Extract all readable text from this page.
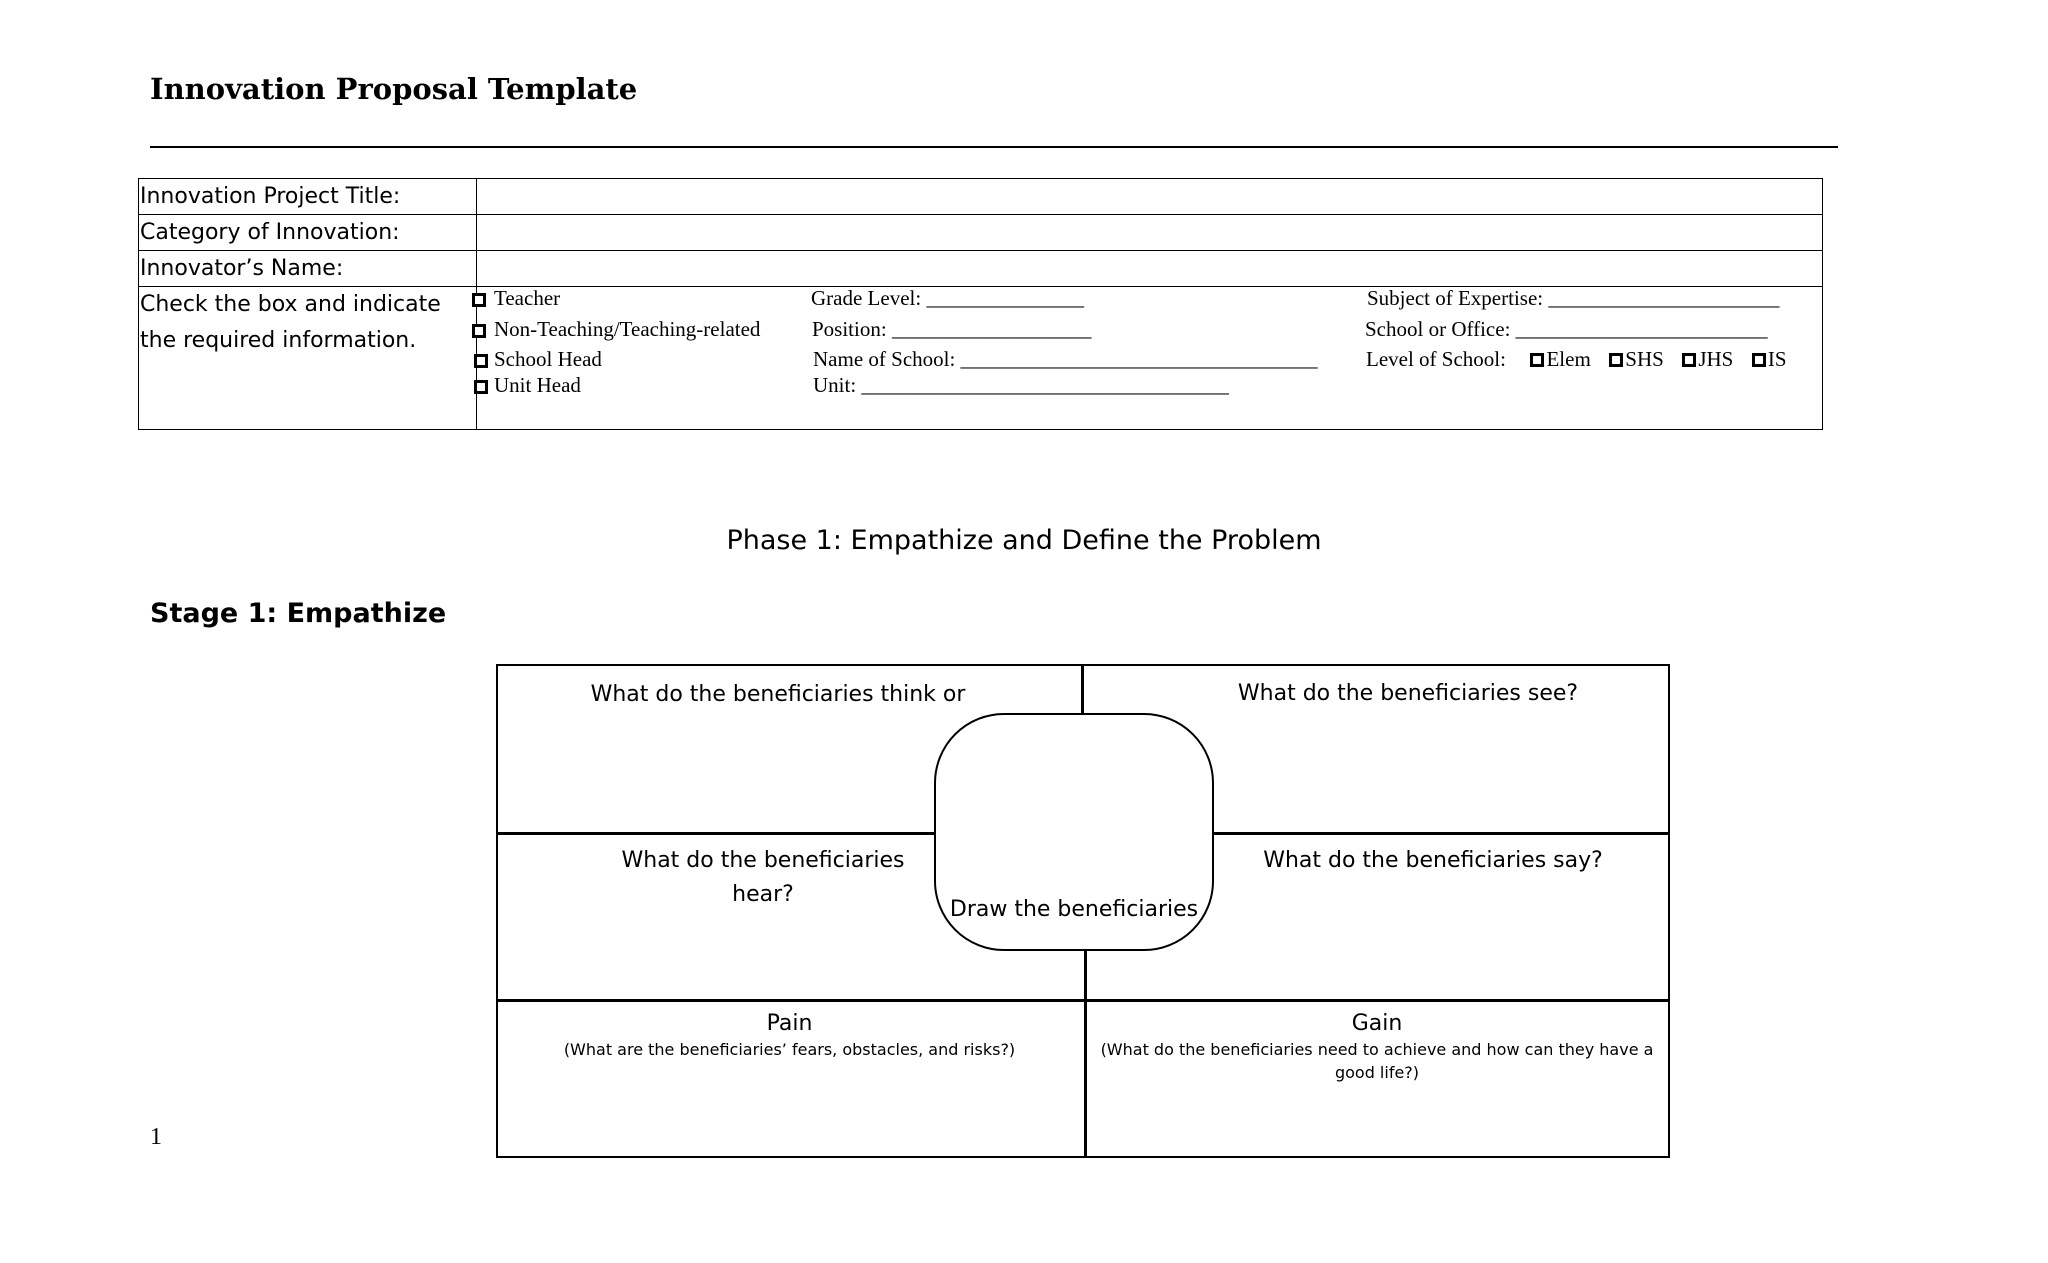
Innovation Proposal Template
Innovation Project Title:
Category of Innovation:
Innovator’s Name:
Check the box and indicate the required information.
Teacher
Non-Teaching/Teaching-related
School Head
Unit Head
Grade Level: _______________
Position: ___________________
Name of School: __________________________________
Unit: ___________________________________
Subject of Expertise: ______________________
School or Office: ________________________
Level of School: Elem SHS JHS IS
Phase 1: Empathize and Define the Problem
Stage 1: Empathize
What do the beneficiaries think or	What do the beneficiaries see?
What do the beneficiaries hear?
What do the beneficiaries say?
Pain
(What are the beneficiaries’ fears, obstacles, and risks?)
Gain
(What do the beneficiaries need to achieve and how can they have a good life?)
Draw the beneficiaries
1
